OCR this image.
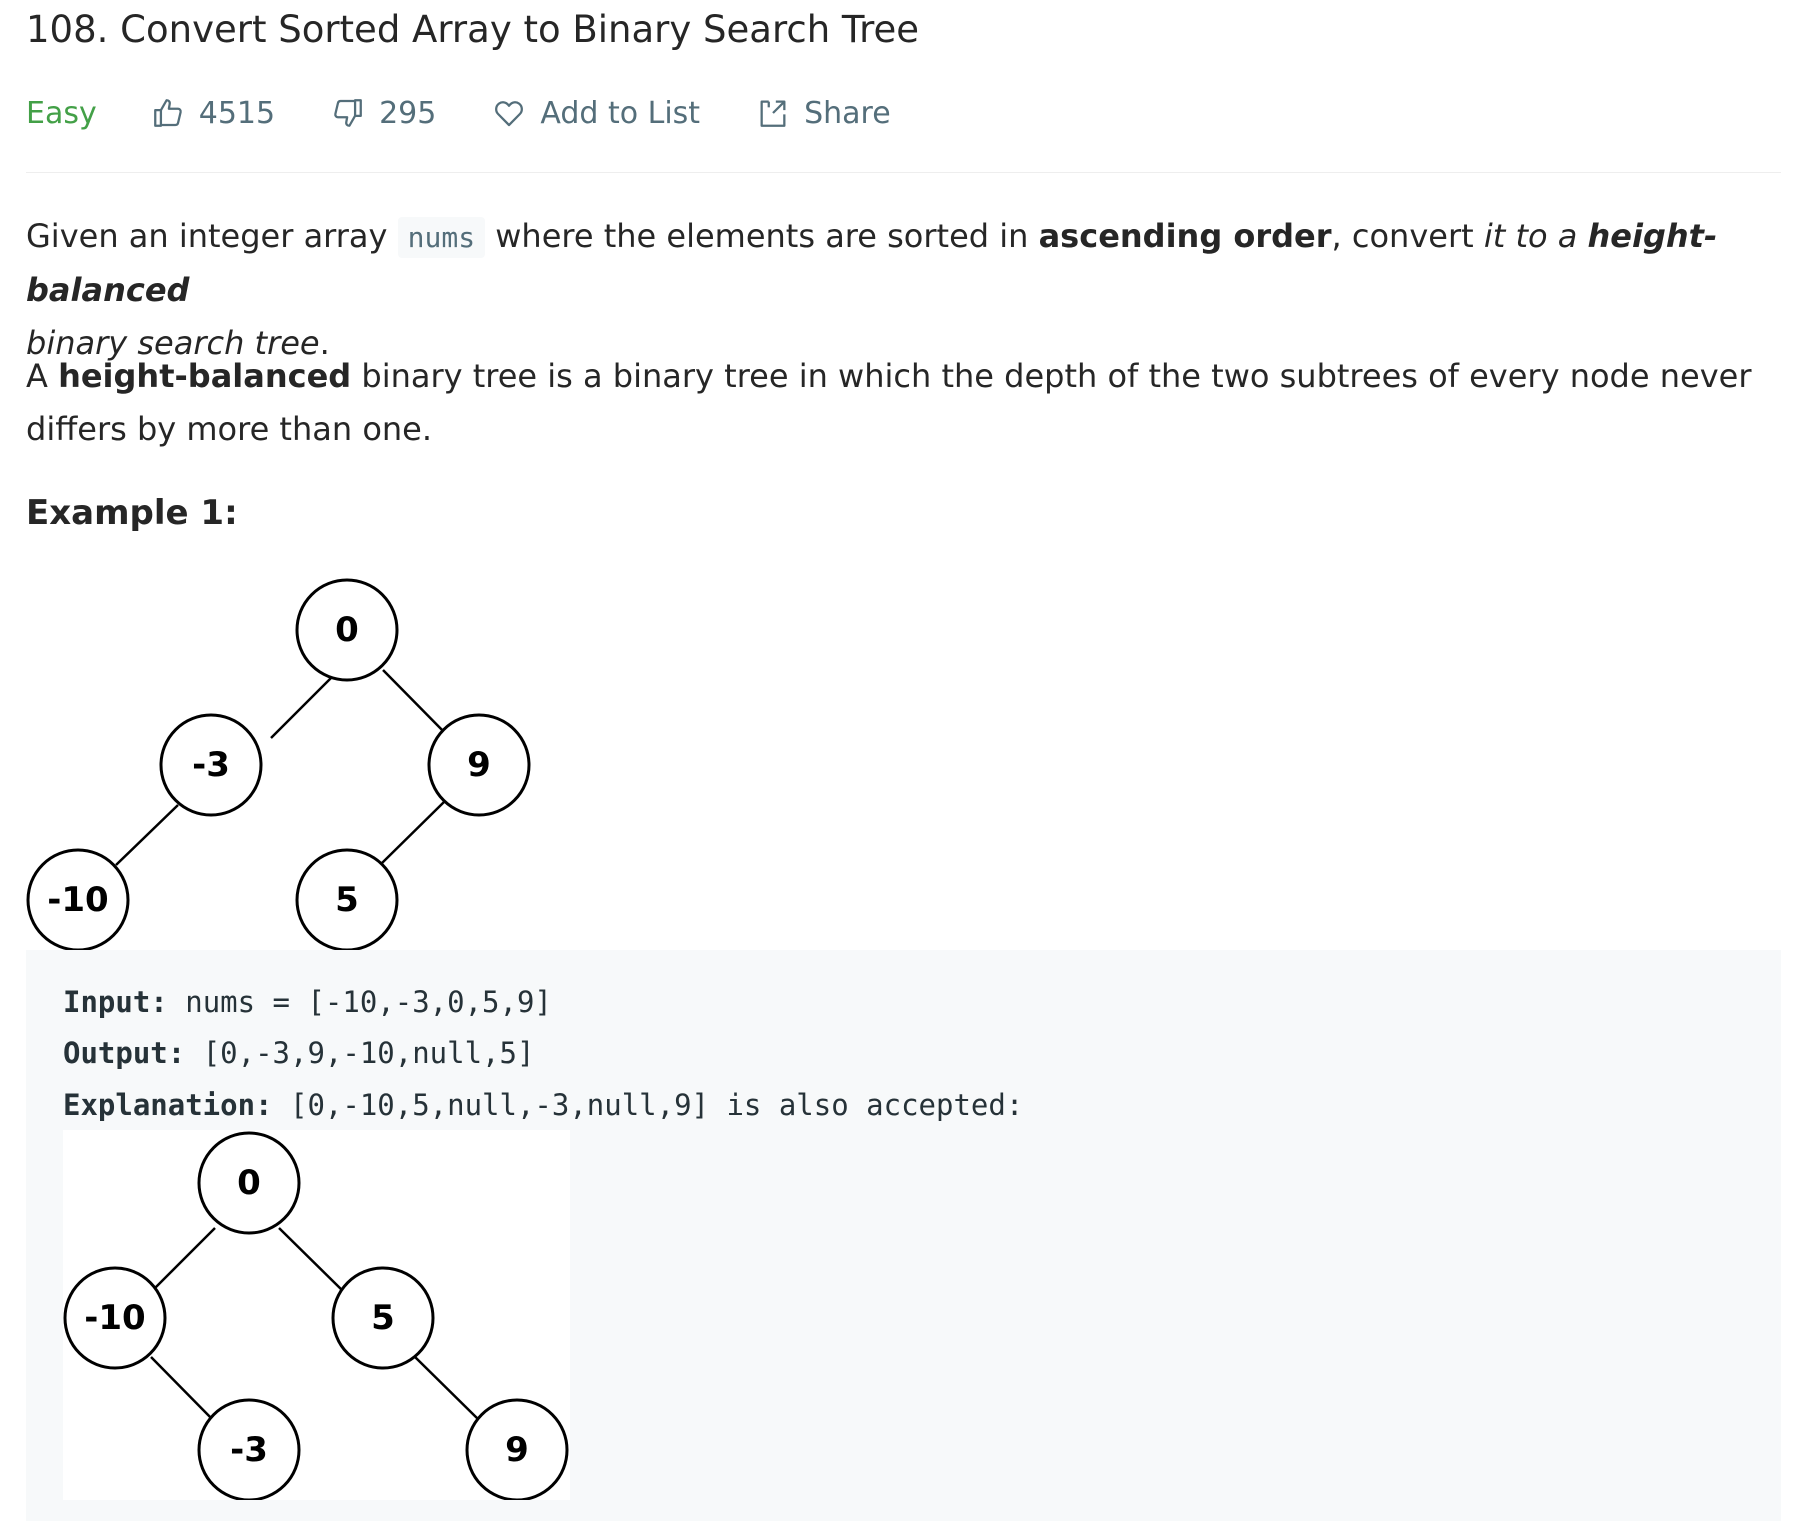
108. Convert Sorted Array to Binary Search Tree
Easy	4515	295	Add to List	Share

Given an integer array nums where the elements are sorted in ascending order, convert it to a height-balanced
binary search tree.

A height-balanced binary tree is a binary tree in which the depth of the two subtrees of every node never differs by more than one.

Example 1:

0
-3	9
-10	5
Input: nums = [-10,-3,0,5,9]
Output: [0,-3,9,-10,null,5]
Explanation: [0,-10,5,null,-3,null,9] is also accepted:
0
-10	5
-3	9
